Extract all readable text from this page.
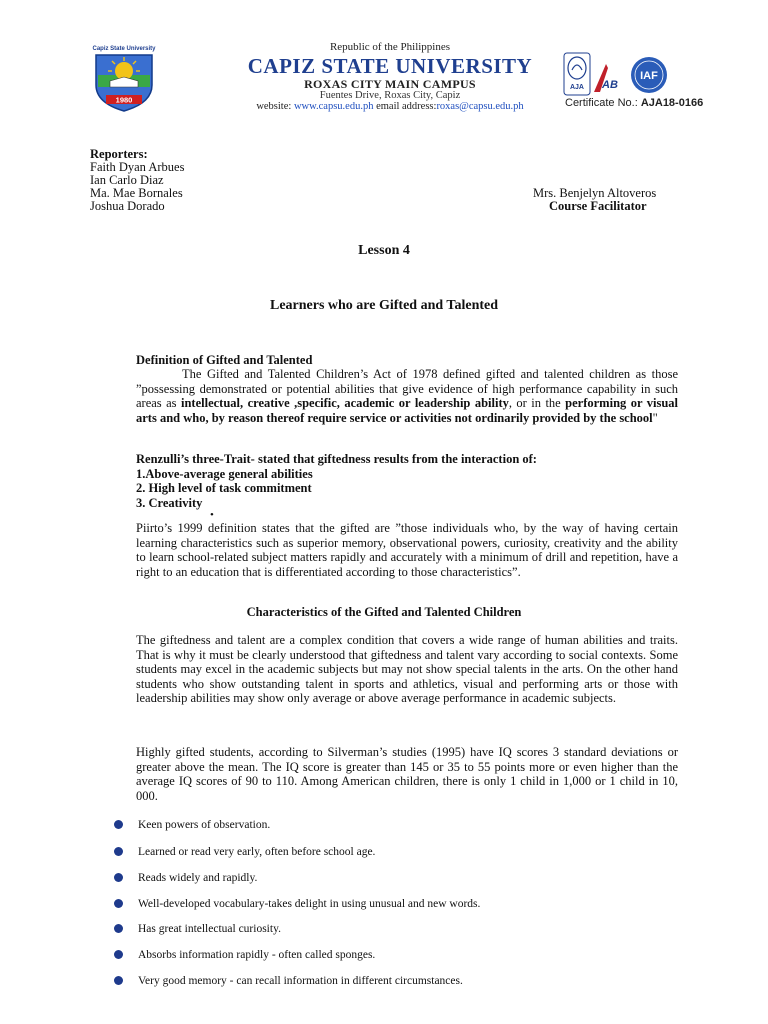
Capiz State University
1980
Republic of the Philippines
CAPIZ STATE UNIVERSITY
ROXAS CITY MAIN CAMPUS
Fuentes Drive, Roxas City, Capiz
website: www.capsu.edu.ph email address:roxas@capsu.edu.ph
AJA AB
IAF
Certificate No.: AJA18-0166
Reporters:
Faith Dyan Arbues
Ian Carlo Diaz
Ma. Mae Bornales
Joshua Dorado
Mrs. Benjelyn Altoveros
Course Facilitator
Lesson 4
Learners who are Gifted and Talented
Definition of Gifted and Talented
The Gifted and Talented Children’s Act of 1978 defined gifted and talented children as those ”possessing demonstrated or potential abilities that give evidence of high performance capability in such areas as intellectual, creative ,specific, academic or leadership ability, or in the performing or visual arts and who, by reason thereof require service or activities not ordinarily provided by the school"
Renzulli’s three-Trait- stated that giftedness results from the interaction of:
1.Above-average general abilities
2. High level of task commitment
3. Creativity
•
Piirto’s 1999 definition states that the gifted are ”those individuals who, by the way of having certain learning characteristics such as superior memory, observational powers, curiosity, creativity and the ability to learn school-related subject matters rapidly and accurately with a minimum of drill and repetition, have a right to an education that is differentiated according to those characteristics”.
Characteristics of the Gifted and Talented Children
The giftedness and talent are a complex condition that covers a wide range of human abilities and traits. That is why it must be clearly understood that giftedness and talent vary according to social contexts. Some students may excel in the academic subjects but may not show special talents in the arts. On the other hand students who show outstanding talent in sports and athletics, visual and performing arts or those with leadership abilities may show only average or above average performance in academic subjects.
Highly gifted students, according to Silverman’s studies (1995) have IQ scores 3 standard deviations or greater above the mean. The IQ score is greater than 145 or 35 to 55 points more or even higher than the average IQ scores of 90 to 110. Among American children, there is only 1 child in 1,000 or 1 child in 10, 000.
Keen powers of observation.
Learned or read very early, often before school age.
Reads widely and rapidly.
Well-developed vocabulary-takes delight in using unusual and new words.
Has great intellectual curiosity.
Absorbs information rapidly - often called sponges.
Very good memory - can recall information in different circumstances.
